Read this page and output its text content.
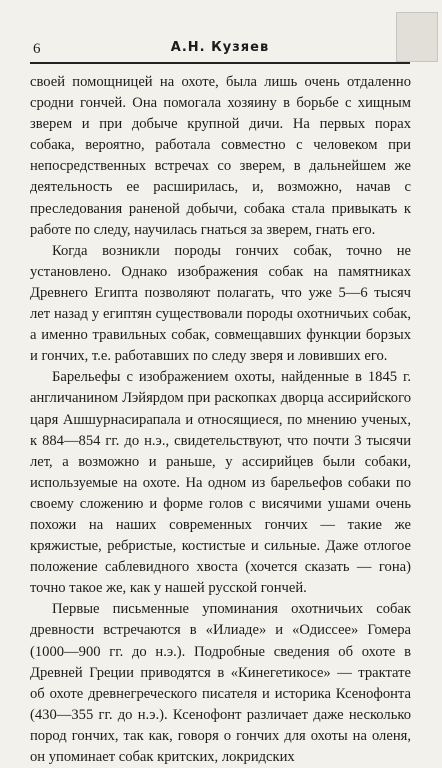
6	А.Н. Кузяев

своей помощницей на охоте, была лишь очень отдаленно сродни гончей. Она помогала хозяину в борьбе с хищным зверем и при добыче крупной дичи. На первых порах собака, вероятно, работала совместно с человеком при непосредственных встречах со зверем, в дальнейшем же деятельность ее расширилась, и, возможно, начав с преследования раненой добычи, собака стала привыкать к работе по следу, научилась гнаться за зверем, гнать его.

Когда возникли породы гончих собак, точно не установлено. Однако изображения собак на памятниках Древнего Египта позволяют полагать, что уже 5—6 тысяч лет назад у египтян существовали породы охотничьих собак, а именно травильных собак, совмещавших функции борзых и гончих, т.е. работавших по следу зверя и ловивших его.

Барельефы с изображением охоты, найденные в 1845 г. англичанином Лэйярдом при раскопках дворца ассирийского царя Ашшурнасирапала и относящиеся, по мнению ученых, к 884—854 гг. до н.э., свидетельствуют, что почти 3 тысячи лет, а возможно и раньше, у ассирийцев были собаки, используемые на охоте. На одном из барельефов собаки по своему сложению и форме голов с висячими ушами очень похожи на наших современных гончих — такие же кряжистые, ребристые, костистые и сильные. Даже отлогое положение саблевидного хвоста (хочется сказать — гона) точно такое же, как у нашей русской гончей.

Первые письменные упоминания охотничьих собак древности встречаются в «Илиаде» и «Одиссее» Гомера (1000—900 гг. до н.э.). Подробные сведения об охоте в Древней Греции приводятся в «Кинегетикосе» — трактате об охоте древнегреческого писателя и историка Ксенофонта (430—355 гг. до н.э.). Ксенофонт различает даже несколько пород гончих, так как, говоря о гончих для охоты на оленя, он упоминает собак критских, локридских
